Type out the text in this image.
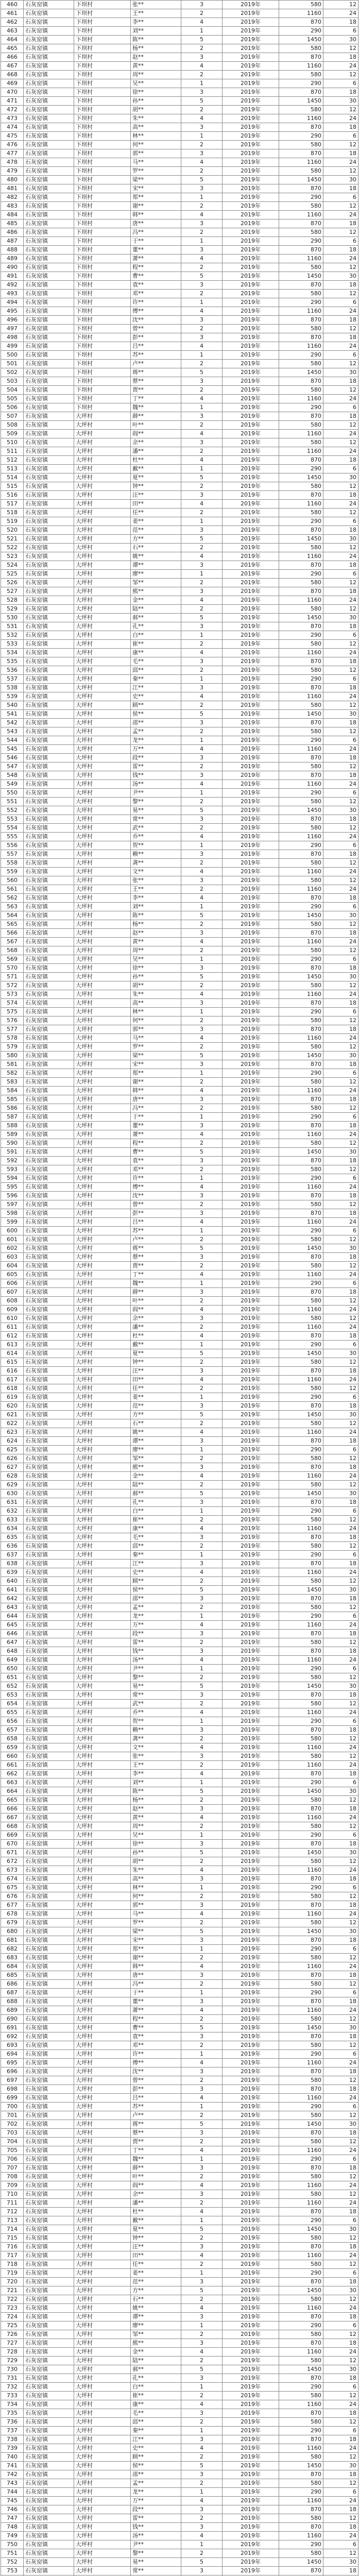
460	石灰窑镇	下坝村	张**	3	2019年	580	12
461	石灰窑镇	下坝村	王**	2	2019年	1160	24
462	石灰窑镇	下坝村	李**	4	2019年	870	18
463	石灰窑镇	下坝村	刘**	1	2019年	290	6
464	石灰窑镇	下坝村	陈**	5	2019年	1450	30
465	石灰窑镇	下坝村	杨**	2	2019年	580	12
466	石灰窑镇	下坝村	赵**	3	2019年	870	18
467	石灰窑镇	下坝村	黄**	4	2019年	1160	24
468	石灰窑镇	下坝村	周**	2	2019年	580	12
469	石灰窑镇	下坝村	吴**	1	2019年	290	6
470	石灰窑镇	下坝村	徐**	3	2019年	870	18
471	石灰窑镇	下坝村	孙**	5	2019年	1450	30
472	石灰窑镇	下坝村	胡**	2	2019年	580	12
473	石灰窑镇	下坝村	朱**	4	2019年	1160	24
474	石灰窑镇	下坝村	高**	3	2019年	870	18
475	石灰窑镇	下坝村	林**	1	2019年	290	6
476	石灰窑镇	下坝村	何**	2	2019年	580	12
477	石灰窑镇	下坝村	郭**	3	2019年	870	18
478	石灰窑镇	下坝村	马**	4	2019年	1160	24
479	石灰窑镇	下坝村	罗**	2	2019年	580	12
480	石灰窑镇	下坝村	梁**	5	2019年	1450	30
481	石灰窑镇	下坝村	宋**	3	2019年	870	18
482	石灰窑镇	下坝村	郑**	1	2019年	290	6
483	石灰窑镇	下坝村	谢**	2	2019年	580	12
484	石灰窑镇	下坝村	韩**	4	2019年	1160	24
485	石灰窑镇	下坝村	唐**	3	2019年	870	18
486	石灰窑镇	下坝村	冯**	2	2019年	580	12
487	石灰窑镇	下坝村	于**	1	2019年	290	6
488	石灰窑镇	下坝村	董**	3	2019年	870	18
489	石灰窑镇	下坝村	萧**	4	2019年	1160	24
490	石灰窑镇	下坝村	程**	2	2019年	580	12
491	石灰窑镇	下坝村	曹**	5	2019年	1450	30
492	石灰窑镇	下坝村	袁**	3	2019年	870	18
493	石灰窑镇	下坝村	邓**	2	2019年	580	12
494	石灰窑镇	下坝村	许**	1	2019年	290	6
495	石灰窑镇	下坝村	傅**	4	2019年	1160	24
496	石灰窑镇	下坝村	沈**	3	2019年	870	18
497	石灰窑镇	下坝村	曾**	2	2019年	580	12
498	石灰窑镇	下坝村	彭**	3	2019年	870	18
499	石灰窑镇	下坝村	吕**	4	2019年	1160	24
500	石灰窑镇	下坝村	苏**	1	2019年	290	6
501	石灰窑镇	下坝村	卢**	2	2019年	580	12
502	石灰窑镇	下坝村	蒋**	5	2019年	1450	30
503	石灰窑镇	下坝村	蔡**	3	2019年	870	18
504	石灰窑镇	下坝村	贾**	2	2019年	580	12
505	石灰窑镇	下坝村	丁**	4	2019年	1160	24
506	石灰窑镇	下坝村	魏**	1	2019年	290	6
507	石灰窑镇	大坪村	薛**	3	2019年	870	18
508	石灰窑镇	大坪村	叶**	2	2019年	580	12
509	石灰窑镇	大坪村	阎**	4	2019年	1160	24
510	石灰窑镇	大坪村	余**	3	2019年	580	12
511	石灰窑镇	大坪村	潘**	2	2019年	1160	24
512	石灰窑镇	大坪村	杜**	4	2019年	870	18
513	石灰窑镇	大坪村	戴**	1	2019年	290	6
514	石灰窑镇	大坪村	夏**	5	2019年	1450	30
515	石灰窑镇	大坪村	钟**	2	2019年	580	12
516	石灰窑镇	大坪村	汪**	3	2019年	870	18
517	石灰窑镇	大坪村	田**	4	2019年	1160	24
518	石灰窑镇	大坪村	任**	2	2019年	580	12
519	石灰窑镇	大坪村	姜**	1	2019年	290	6
520	石灰窑镇	大坪村	范**	3	2019年	870	18
521	石灰窑镇	大坪村	方**	5	2019年	1450	30
522	石灰窑镇	大坪村	石**	2	2019年	580	12
523	石灰窑镇	大坪村	姚**	4	2019年	1160	24
524	石灰窑镇	大坪村	谭**	3	2019年	870	18
525	石灰窑镇	大坪村	廖**	1	2019年	290	6
526	石灰窑镇	大坪村	邹**	2	2019年	580	12
527	石灰窑镇	大坪村	熊**	3	2019年	870	18
528	石灰窑镇	大坪村	金**	4	2019年	1160	24
529	石灰窑镇	大坪村	陆**	2	2019年	580	12
530	石灰窑镇	大坪村	郝**	5	2019年	1450	30
531	石灰窑镇	大坪村	孔**	3	2019年	870	18
532	石灰窑镇	大坪村	白**	1	2019年	290	6
533	石灰窑镇	大坪村	崔**	2	2019年	580	12
534	石灰窑镇	大坪村	康**	4	2019年	1160	24
535	石灰窑镇	大坪村	毛**	3	2019年	870	18
536	石灰窑镇	大坪村	邱**	2	2019年	580	12
537	石灰窑镇	大坪村	秦**	1	2019年	290	6
538	石灰窑镇	大坪村	江**	3	2019年	870	18
539	石灰窑镇	大坪村	史**	4	2019年	1160	24
540	石灰窑镇	大坪村	顾**	2	2019年	580	12
541	石灰窑镇	大坪村	侯**	5	2019年	1450	30
542	石灰窑镇	大坪村	邵**	3	2019年	870	18
543	石灰窑镇	大坪村	孟**	2	2019年	580	12
544	石灰窑镇	大坪村	龙**	1	2019年	290	6
545	石灰窑镇	大坪村	万**	4	2019年	1160	24
546	石灰窑镇	大坪村	段**	3	2019年	870	18
547	石灰窑镇	大坪村	雷**	2	2019年	580	12
548	石灰窑镇	大坪村	钱**	3	2019年	870	18
549	石灰窑镇	大坪村	汤**	4	2019年	1160	24
550	石灰窑镇	大坪村	尹**	1	2019年	290	6
551	石灰窑镇	大坪村	黎**	2	2019年	580	12
552	石灰窑镇	大坪村	易**	5	2019年	1450	30
553	石灰窑镇	大坪村	常**	3	2019年	870	18
554	石灰窑镇	大坪村	武**	2	2019年	580	12
555	石灰窑镇	大坪村	乔**	4	2019年	1160	24
556	石灰窑镇	大坪村	贺**	1	2019年	290	6
557	石灰窑镇	大坪村	赖**	3	2019年	870	18
558	石灰窑镇	大坪村	龚**	2	2019年	580	12
559	石灰窑镇	大坪村	文**	4	2019年	1160	24
560	石灰窑镇	大坪村	张**	3	2019年	580	12
561	石灰窑镇	大坪村	王**	2	2019年	1160	24
562	石灰窑镇	大坪村	李**	4	2019年	870	18
563	石灰窑镇	大坪村	刘**	1	2019年	290	6
564	石灰窑镇	大坪村	陈**	5	2019年	1450	30
565	石灰窑镇	大坪村	杨**	2	2019年	580	12
566	石灰窑镇	大坪村	赵**	3	2019年	870	18
567	石灰窑镇	大坪村	黄**	4	2019年	1160	24
568	石灰窑镇	大坪村	周**	2	2019年	580	12
569	石灰窑镇	大坪村	吴**	1	2019年	290	6
570	石灰窑镇	大坪村	徐**	3	2019年	870	18
571	石灰窑镇	大坪村	孙**	5	2019年	1450	30
572	石灰窑镇	大坪村	胡**	2	2019年	580	12
573	石灰窑镇	大坪村	朱**	4	2019年	1160	24
574	石灰窑镇	大坪村	高**	3	2019年	870	18
575	石灰窑镇	大坪村	林**	1	2019年	290	6
576	石灰窑镇	大坪村	何**	2	2019年	580	12
577	石灰窑镇	大坪村	郭**	3	2019年	870	18
578	石灰窑镇	大坪村	马**	4	2019年	1160	24
579	石灰窑镇	大坪村	罗**	2	2019年	580	12
580	石灰窑镇	大坪村	梁**	5	2019年	1450	30
581	石灰窑镇	大坪村	宋**	3	2019年	870	18
582	石灰窑镇	大坪村	郑**	1	2019年	290	6
583	石灰窑镇	大坪村	谢**	2	2019年	580	12
584	石灰窑镇	大坪村	韩**	4	2019年	1160	24
585	石灰窑镇	大坪村	唐**	3	2019年	870	18
586	石灰窑镇	大坪村	冯**	2	2019年	580	12
587	石灰窑镇	大坪村	于**	1	2019年	290	6
588	石灰窑镇	大坪村	董**	3	2019年	870	18
589	石灰窑镇	大坪村	萧**	4	2019年	1160	24
590	石灰窑镇	大坪村	程**	2	2019年	580	12
591	石灰窑镇	大坪村	曹**	5	2019年	1450	30
592	石灰窑镇	大坪村	袁**	3	2019年	870	18
593	石灰窑镇	大坪村	邓**	2	2019年	580	12
594	石灰窑镇	大坪村	许**	1	2019年	290	6
595	石灰窑镇	大坪村	傅**	4	2019年	1160	24
596	石灰窑镇	大坪村	沈**	3	2019年	870	18
597	石灰窑镇	大坪村	曾**	2	2019年	580	12
598	石灰窑镇	大坪村	彭**	3	2019年	870	18
599	石灰窑镇	大坪村	吕**	4	2019年	1160	24
600	石灰窑镇	大坪村	苏**	1	2019年	290	6
601	石灰窑镇	大坪村	卢**	2	2019年	580	12
602	石灰窑镇	大坪村	蒋**	5	2019年	1450	30
603	石灰窑镇	大坪村	蔡**	3	2019年	870	18
604	石灰窑镇	大坪村	贾**	2	2019年	580	12
605	石灰窑镇	大坪村	丁**	4	2019年	1160	24
606	石灰窑镇	大坪村	魏**	1	2019年	290	6
607	石灰窑镇	大坪村	薛**	3	2019年	870	18
608	石灰窑镇	大坪村	叶**	2	2019年	580	12
609	石灰窑镇	大坪村	阎**	4	2019年	1160	24
610	石灰窑镇	大坪村	余**	3	2019年	580	12
611	石灰窑镇	大坪村	潘**	2	2019年	1160	24
612	石灰窑镇	大坪村	杜**	4	2019年	870	18
613	石灰窑镇	大坪村	戴**	1	2019年	290	6
614	石灰窑镇	大坪村	夏**	5	2019年	1450	30
615	石灰窑镇	大坪村	钟**	2	2019年	580	12
616	石灰窑镇	大坪村	汪**	3	2019年	870	18
617	石灰窑镇	大坪村	田**	4	2019年	1160	24
618	石灰窑镇	大坪村	任**	2	2019年	580	12
619	石灰窑镇	大坪村	姜**	1	2019年	290	6
620	石灰窑镇	大坪村	范**	3	2019年	870	18
621	石灰窑镇	大坪村	方**	5	2019年	1450	30
622	石灰窑镇	大坪村	石**	2	2019年	580	12
623	石灰窑镇	大坪村	姚**	4	2019年	1160	24
624	石灰窑镇	大坪村	谭**	3	2019年	870	18
625	石灰窑镇	大坪村	廖**	1	2019年	290	6
626	石灰窑镇	大坪村	邹**	2	2019年	580	12
627	石灰窑镇	大坪村	熊**	3	2019年	870	18
628	石灰窑镇	大坪村	金**	4	2019年	1160	24
629	石灰窑镇	大坪村	陆**	2	2019年	580	12
630	石灰窑镇	大坪村	郝**	5	2019年	1450	30
631	石灰窑镇	大坪村	孔**	3	2019年	870	18
632	石灰窑镇	大坪村	白**	1	2019年	290	6
633	石灰窑镇	大坪村	崔**	2	2019年	580	12
634	石灰窑镇	大坪村	康**	4	2019年	1160	24
635	石灰窑镇	大坪村	毛**	3	2019年	870	18
636	石灰窑镇	大坪村	邱**	2	2019年	580	12
637	石灰窑镇	大坪村	秦**	1	2019年	290	6
638	石灰窑镇	大坪村	江**	3	2019年	870	18
639	石灰窑镇	大坪村	史**	4	2019年	1160	24
640	石灰窑镇	大坪村	顾**	2	2019年	580	12
641	石灰窑镇	大坪村	侯**	5	2019年	1450	30
642	石灰窑镇	大坪村	邵**	3	2019年	870	18
643	石灰窑镇	大坪村	孟**	2	2019年	580	12
644	石灰窑镇	大坪村	龙**	1	2019年	290	6
645	石灰窑镇	大坪村	万**	4	2019年	1160	24
646	石灰窑镇	大坪村	段**	3	2019年	870	18
647	石灰窑镇	大坪村	雷**	2	2019年	580	12
648	石灰窑镇	大坪村	钱**	3	2019年	870	18
649	石灰窑镇	大坪村	汤**	4	2019年	1160	24
650	石灰窑镇	大坪村	尹**	1	2019年	290	6
651	石灰窑镇	大坪村	黎**	2	2019年	580	12
652	石灰窑镇	大坪村	易**	5	2019年	1450	30
653	石灰窑镇	大坪村	常**	3	2019年	870	18
654	石灰窑镇	大坪村	武**	2	2019年	580	12
655	石灰窑镇	大坪村	乔**	4	2019年	1160	24
656	石灰窑镇	大坪村	贺**	1	2019年	290	6
657	石灰窑镇	大坪村	赖**	3	2019年	870	18
658	石灰窑镇	大坪村	龚**	2	2019年	580	12
659	石灰窑镇	大坪村	文**	4	2019年	1160	24
660	石灰窑镇	大坪村	张**	3	2019年	580	12
661	石灰窑镇	大坪村	王**	2	2019年	1160	24
662	石灰窑镇	大坪村	李**	4	2019年	870	18
663	石灰窑镇	大坪村	刘**	1	2019年	290	6
664	石灰窑镇	大坪村	陈**	5	2019年	1450	30
665	石灰窑镇	大坪村	杨**	2	2019年	580	12
666	石灰窑镇	大坪村	赵**	3	2019年	870	18
667	石灰窑镇	大坪村	黄**	4	2019年	1160	24
668	石灰窑镇	大坪村	周**	2	2019年	580	12
669	石灰窑镇	大坪村	吴**	1	2019年	290	6
670	石灰窑镇	大坪村	徐**	3	2019年	870	18
671	石灰窑镇	大坪村	孙**	5	2019年	1450	30
672	石灰窑镇	大坪村	胡**	2	2019年	580	12
673	石灰窑镇	大坪村	朱**	4	2019年	1160	24
674	石灰窑镇	大坪村	高**	3	2019年	870	18
675	石灰窑镇	大坪村	林**	1	2019年	290	6
676	石灰窑镇	大坪村	何**	2	2019年	580	12
677	石灰窑镇	大坪村	郭**	3	2019年	870	18
678	石灰窑镇	大坪村	马**	4	2019年	1160	24
679	石灰窑镇	大坪村	罗**	2	2019年	580	12
680	石灰窑镇	大坪村	梁**	5	2019年	1450	30
681	石灰窑镇	大坪村	宋**	3	2019年	870	18
682	石灰窑镇	大坪村	郑**	1	2019年	290	6
683	石灰窑镇	大坪村	谢**	2	2019年	580	12
684	石灰窑镇	大坪村	韩**	4	2019年	1160	24
685	石灰窑镇	大坪村	唐**	3	2019年	870	18
686	石灰窑镇	大坪村	冯**	2	2019年	580	12
687	石灰窑镇	大坪村	于**	1	2019年	290	6
688	石灰窑镇	大坪村	董**	3	2019年	870	18
689	石灰窑镇	大坪村	萧**	4	2019年	1160	24
690	石灰窑镇	大坪村	程**	2	2019年	580	12
691	石灰窑镇	大坪村	曹**	5	2019年	1450	30
692	石灰窑镇	大坪村	袁**	3	2019年	870	18
693	石灰窑镇	大坪村	邓**	2	2019年	580	12
694	石灰窑镇	大坪村	许**	1	2019年	290	6
695	石灰窑镇	大坪村	傅**	4	2019年	1160	24
696	石灰窑镇	大坪村	沈**	3	2019年	870	18
697	石灰窑镇	大坪村	曾**	2	2019年	580	12
698	石灰窑镇	大坪村	彭**	3	2019年	870	18
699	石灰窑镇	大坪村	吕**	4	2019年	1160	24
700	石灰窑镇	大坪村	苏**	1	2019年	290	6
701	石灰窑镇	大坪村	卢**	2	2019年	580	12
702	石灰窑镇	大坪村	蒋**	5	2019年	1450	30
703	石灰窑镇	大坪村	蔡**	3	2019年	870	18
704	石灰窑镇	大坪村	贾**	2	2019年	580	12
705	石灰窑镇	大坪村	丁**	4	2019年	1160	24
706	石灰窑镇	大坪村	魏**	1	2019年	290	6
707	石灰窑镇	大坪村	薛**	3	2019年	870	18
708	石灰窑镇	大坪村	叶**	2	2019年	580	12
709	石灰窑镇	大坪村	阎**	4	2019年	1160	24
710	石灰窑镇	大坪村	余**	3	2019年	580	12
711	石灰窑镇	大坪村	潘**	2	2019年	1160	24
712	石灰窑镇	大坪村	杜**	4	2019年	870	18
713	石灰窑镇	大坪村	戴**	1	2019年	290	6
714	石灰窑镇	大坪村	夏**	5	2019年	1450	30
715	石灰窑镇	大坪村	钟**	2	2019年	580	12
716	石灰窑镇	大坪村	汪**	3	2019年	870	18
717	石灰窑镇	大坪村	田**	4	2019年	1160	24
718	石灰窑镇	大坪村	任**	2	2019年	580	12
719	石灰窑镇	大坪村	姜**	1	2019年	290	6
720	石灰窑镇	大坪村	范**	3	2019年	870	18
721	石灰窑镇	大坪村	方**	5	2019年	1450	30
722	石灰窑镇	大坪村	石**	2	2019年	580	12
723	石灰窑镇	大坪村	姚**	4	2019年	1160	24
724	石灰窑镇	大坪村	谭**	3	2019年	870	18
725	石灰窑镇	大坪村	廖**	1	2019年	290	6
726	石灰窑镇	大坪村	邹**	2	2019年	580	12
727	石灰窑镇	大坪村	熊**	3	2019年	870	18
728	石灰窑镇	大坪村	金**	4	2019年	1160	24
729	石灰窑镇	大坪村	陆**	2	2019年	580	12
730	石灰窑镇	大坪村	郝**	5	2019年	1450	30
731	石灰窑镇	大坪村	孔**	3	2019年	870	18
732	石灰窑镇	大坪村	白**	1	2019年	290	6
733	石灰窑镇	大坪村	崔**	2	2019年	580	12
734	石灰窑镇	大坪村	康**	4	2019年	1160	24
735	石灰窑镇	大坪村	毛**	3	2019年	870	18
736	石灰窑镇	大坪村	邱**	2	2019年	580	12
737	石灰窑镇	大坪村	秦**	1	2019年	290	6
738	石灰窑镇	大坪村	江**	3	2019年	870	18
739	石灰窑镇	大坪村	史**	4	2019年	1160	24
740	石灰窑镇	大坪村	顾**	2	2019年	580	12
741	石灰窑镇	大坪村	侯**	5	2019年	1450	30
742	石灰窑镇	大坪村	邵**	3	2019年	870	18
743	石灰窑镇	大坪村	孟**	2	2019年	580	12
744	石灰窑镇	大坪村	龙**	1	2019年	290	6
745	石灰窑镇	大坪村	万**	4	2019年	1160	24
746	石灰窑镇	大坪村	段**	3	2019年	870	18
747	石灰窑镇	大坪村	雷**	2	2019年	580	12
748	石灰窑镇	大坪村	钱**	3	2019年	870	18
749	石灰窑镇	大坪村	汤**	4	2019年	1160	24
750	石灰窑镇	大坪村	尹**	1	2019年	290	6
751	石灰窑镇	大坪村	黎**	2	2019年	580	12
752	石灰窑镇	大坪村	易**	5	2019年	1450	30
753	石灰窑镇	大坪村	常**	3	2019年	870	18
